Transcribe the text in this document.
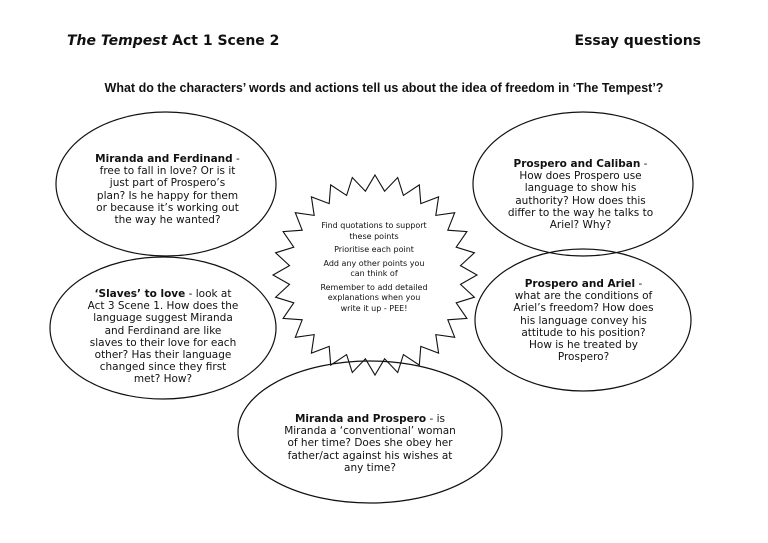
The Tempest Act 1 Scene 2	Essay questions
What do the characters’ words and actions tell us about the idea of freedom in ‘The Tempest’?
Miranda and Ferdinand - free to fall in love? Or is it just part of Prospero’s plan? Is he happy for them or because it’s working out the way he wanted?
Prospero and Caliban - How does Prospero use language to show his authority? How does this differ to the way he talks to Ariel? Why?
‘Slaves’ to love - look at Act 3 Scene 1. How does the language suggest Miranda and Ferdinand are like slaves to their love for each other? Has their language changed since they first met? How?
Prospero and Ariel - what are the conditions of Ariel’s freedom? How does his language convey his attitude to his position? How is he treated by Prospero?
Miranda and Prospero - is Miranda a ‘conventional’ woman of her time? Does she obey her father/act against his wishes at any time?

Find quotations to support these points

Prioritise each point

Add any other points you can think of

Remember to add detailed explanations when you write it up - PEE!
